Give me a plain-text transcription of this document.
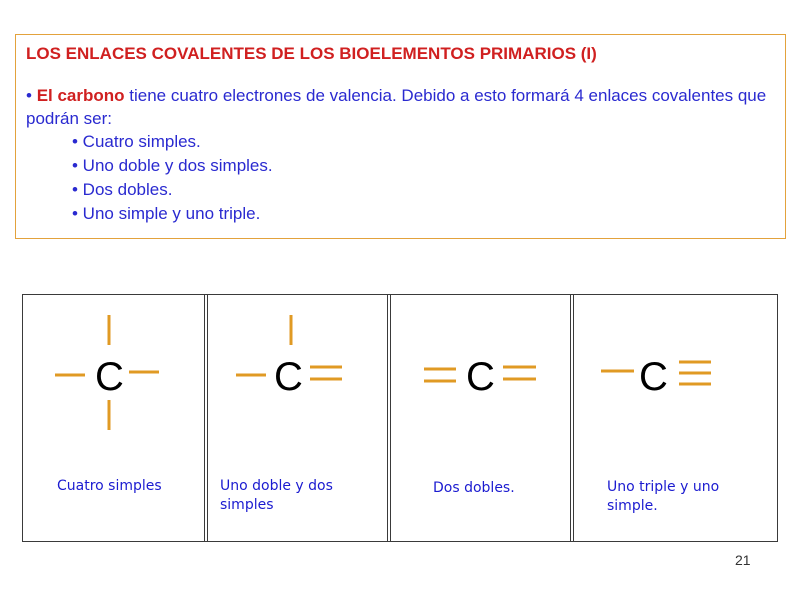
LOS ENLACES COVALENTES DE LOS BIOELEMENTOS PRIMARIOS (I)
• El carbono tiene cuatro electrones de valencia. Debido a esto formará 4 enlaces covalentes que podrán ser:
• Cuatro simples.
• Uno doble y dos simples.
• Dos dobles.
• Uno simple y uno triple.
C
Cuatro simples
C
Uno doble y dos simples
C
Dos dobles.
C
Uno triple y uno simple.
21
